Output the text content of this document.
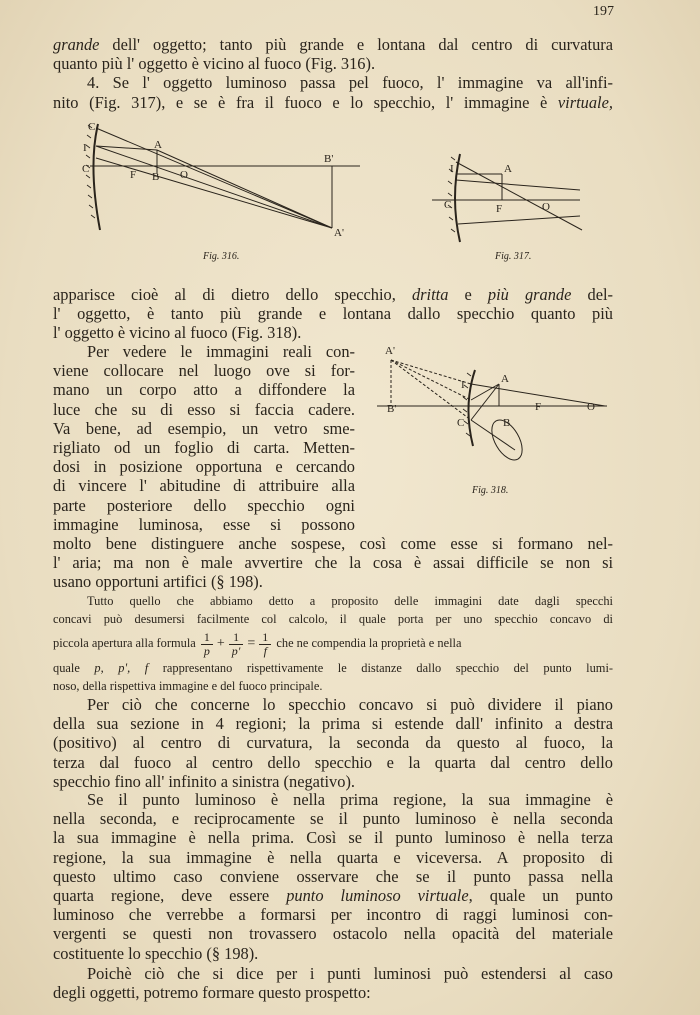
197

grande dell' oggetto; tanto più grande e lontana dal centro di curvatura

quanto più l' oggetto è vicino al fuoco (Fig. 316).

4. Se l' oggetto luminoso passa pel fuoco, l' immagine va all'infi-

nito (Fig. 317), e se è fra il fuoco e lo specchio, l' immagine è virtuale,

C
I
C
A
F B O
B'
A'
Fig. 316.
I	A
C	F	O
Fig. 317.

apparisce cioè al di dietro dello specchio, dritta e più grande del-

l' oggetto, è tanto più grande e lontana dallo specchio quanto più

l' oggetto è vicino al fuoco (Fig. 318).

Per vedere le immagini reali con-

viene collocare nel luogo ove si for-

mano un corpo atto a diffondere la

luce che su di esso si faccia cadere.

Va bene, ad esempio, un vetro sme-

rigliato od un foglio di carta. Metten-

dosi in posizione opportuna e cercando

di vincere l' abitudine di attribuire alla

parte posteriore dello specchio ogni

immagine luminosa, esse si possono

A'
I	A
B'	F	O
C	B
Fig. 318.

molto bene distinguere anche sospese, così come esse si formano nel-

l' aria; ma non è male avvertire che la cosa è assai difficile se non si

usano opportuni artifici (§ 198).

Tutto quello che abbiamo detto a proposito delle immagini date dagli specchi

concavi può desumersi facilmente col calcolo, il quale porta per uno specchio concavo di

piccola apertura alla formula $\frac{1}{p} + \frac{1}{p'} = \frac{1}{f}$ che ne compendia la proprietà e nella

quale p, p', f rappresentano rispettivamente le distanze dallo specchio del punto lumi-

noso, della rispettiva immagine e del fuoco principale.

Per ciò che concerne lo specchio concavo si può dividere il piano

della sua sezione in 4 regioni; la prima si estende dall' infinito a destra

(positivo) al centro di curvatura, la seconda da questo al fuoco, la

terza dal fuoco al centro dello specchio e la quarta dal centro dello

specchio fino all' infinito a sinistra (negativo).

Se il punto luminoso è nella prima regione, la sua immagine è

nella seconda, e reciprocamente se il punto luminoso è nella seconda

la sua immagine è nella prima. Così se il punto luminoso è nella terza

regione, la sua immagine è nella quarta e viceversa. A proposito di

questo ultimo caso conviene osservare che se il punto passa nella

quarta regione, deve essere punto luminoso virtuale, quale un punto

luminoso che verrebbe a formarsi per incontro di raggi luminosi con-

vergenti se questi non trovassero ostacolo nella opacità del materiale

costituente lo specchio (§ 198).

Poichè ciò che si dice per i punti luminosi può estendersi al caso

degli oggetti, potremo formare questo prospetto:
